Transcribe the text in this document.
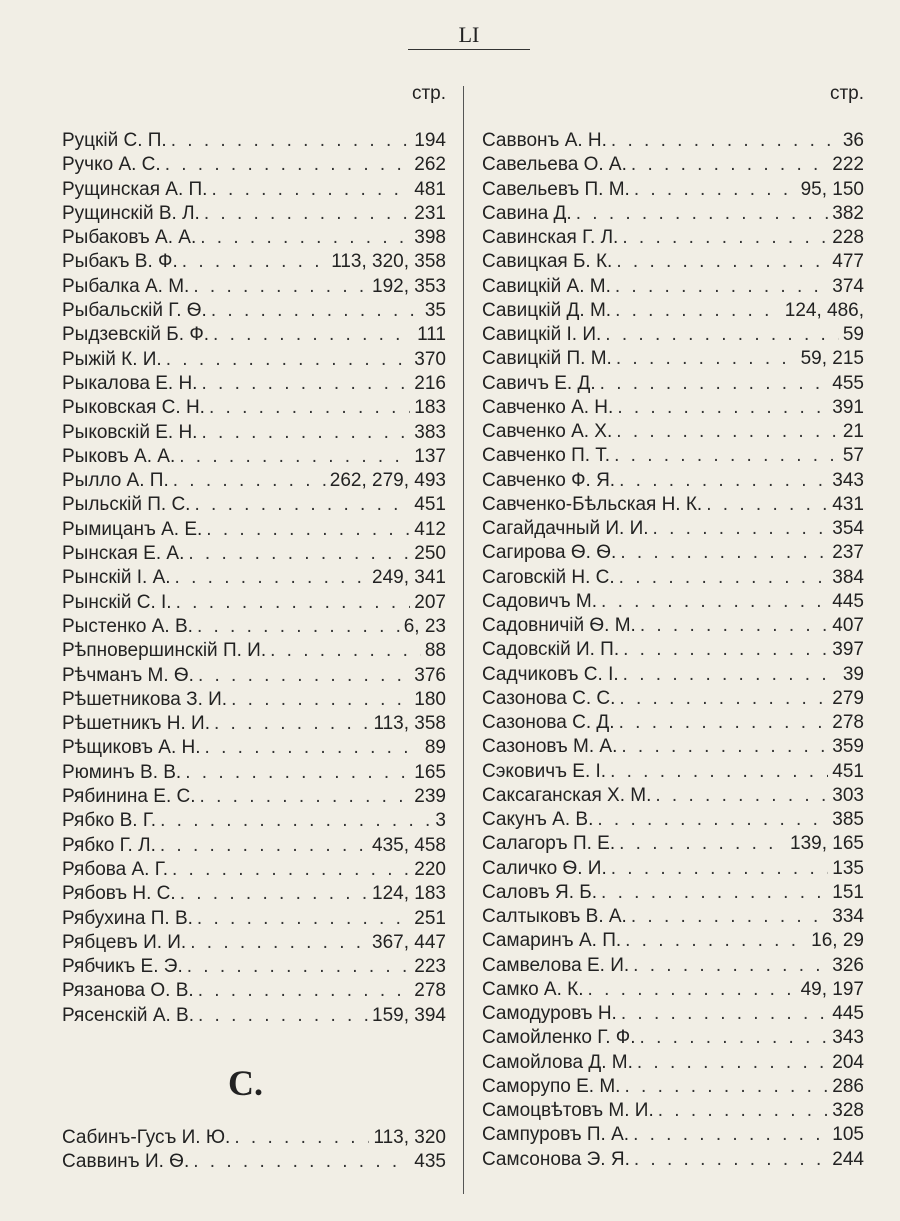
LI
стр.	стр.
Руцкій С. П. . . .	194
Ручко А. С. . . .	262
Рущинская А. П. . . .	481
Рущинскій В. Л. . . .	231
Рыбаковъ А. А. . . .	398
Рыбакъ В. Ф. . . .	113, 320, 358
Рыбалка А. М. . . .	192, 353
Рыбальскій Г. Ѳ. . . .	35
Рыдзевскій Б. Ф. . . .	111
Рыжій К. И. . . .	370
Рыкалова Е. Н. . . .	216
Рыковская С. Н. . . .	183
Рыковскій Е. Н. . . .	383
Рыковъ А. А. . . .	137
Рылло А. П. . . .	262, 279, 493
Рыльскій П. С. . . .	451
Рымицанъ А. Е. . . .	412
Рынская Е. А. . . .	250
Рынскій І. А. . . .	249, 341
Рынскій С. І. . . .	207
Рыстенко А. В. . . .	6, 23
Рѣпновершинскій П. И. . . .	88
Рѣчманъ М. Ѳ. . . .	376
Рѣшетникова З. И. . . .	180
Рѣшетникъ Н. И. . . .	113, 358
Рѣщиковъ А. Н. . . .	89
Рюминъ В. В. . . .	165
Рябинина Е. С. . . .	239
Рябко В. Г. . . .	3
Рябко Г. Л. . . .	435, 458
Рябова А. Г. . . .	220
Рябовъ Н. С. . . .	124, 183
Рябухина П. В. . . .	251
Рябцевъ И. И. . . .	367, 447
Рябчикъ Е. Э. . . .	223
Рязанова О. В. . . .	278
Рясенскій А. В. . . .	159, 394
С.
Сабинъ-Гусъ И. Ю. . . .	113, 320
Саввинъ И. Ѳ. . . .	435
Саввонъ А. Н. . . .	36
Савельева О. А. . . .	222
Савельевъ П. М. . . .	95, 150
Савина Д. . . .	382
Савинская Г. Л. . . .	228
Савицкая Б. К. . . .	477
Савицкій А. М. . . .	374
Савицкій Д. М. . . .	124, 486,
Савицкій І. И. . . .	59
Савицкій П. М. . . .	59, 215
Савичъ Е. Д. . . .	455
Савченко А. Н. . . .	391
Савченко А. Х. . . .	21
Савченко П. Т. . . .	57
Савченко Ф. Я. . . .	343
Савченко-Бѣльская Н. К. . . .	431
Сагайдачный И. И. . . .	354
Сагирова Ѳ. Ѳ. . . .	237
Саговскій Н. С. . . .	384
Садовичъ М. . . .	445
Садовничій Ѳ. М. . . .	407
Садовскій И. П. . . .	397
Садчиковъ С. І. . . .	39
Сазонова С. С. . . .	279
Сазонова С. Д. . . .	278
Сазоновъ М. А. . . .	359
Сэковичъ Е. І. . . .	451
Саксаганская Х. М. . . .	303
Сакунъ А. В. . . .	385
Салагоръ П. Е. . . .	139, 165
Саличко Ѳ. И. . . .	135
Саловъ Я. Б. . . .	151
Салтыковъ В. А. . . .	334
Самаринъ А. П. . . .	16, 29
Самвелова Е. И. . . .	326
Самко А. К. . . .	49, 197
Самодуровъ Н. . . .	445
Самойленко Г. Ф. . . .	343
Самойлова Д. М. . . .	204
Саморупо Е. М. . . .	286
Самоцвѣтовъ М. И. . . .	328
Сампуровъ П. А. . . .	105
Самсонова Э. Я. . . .	244
